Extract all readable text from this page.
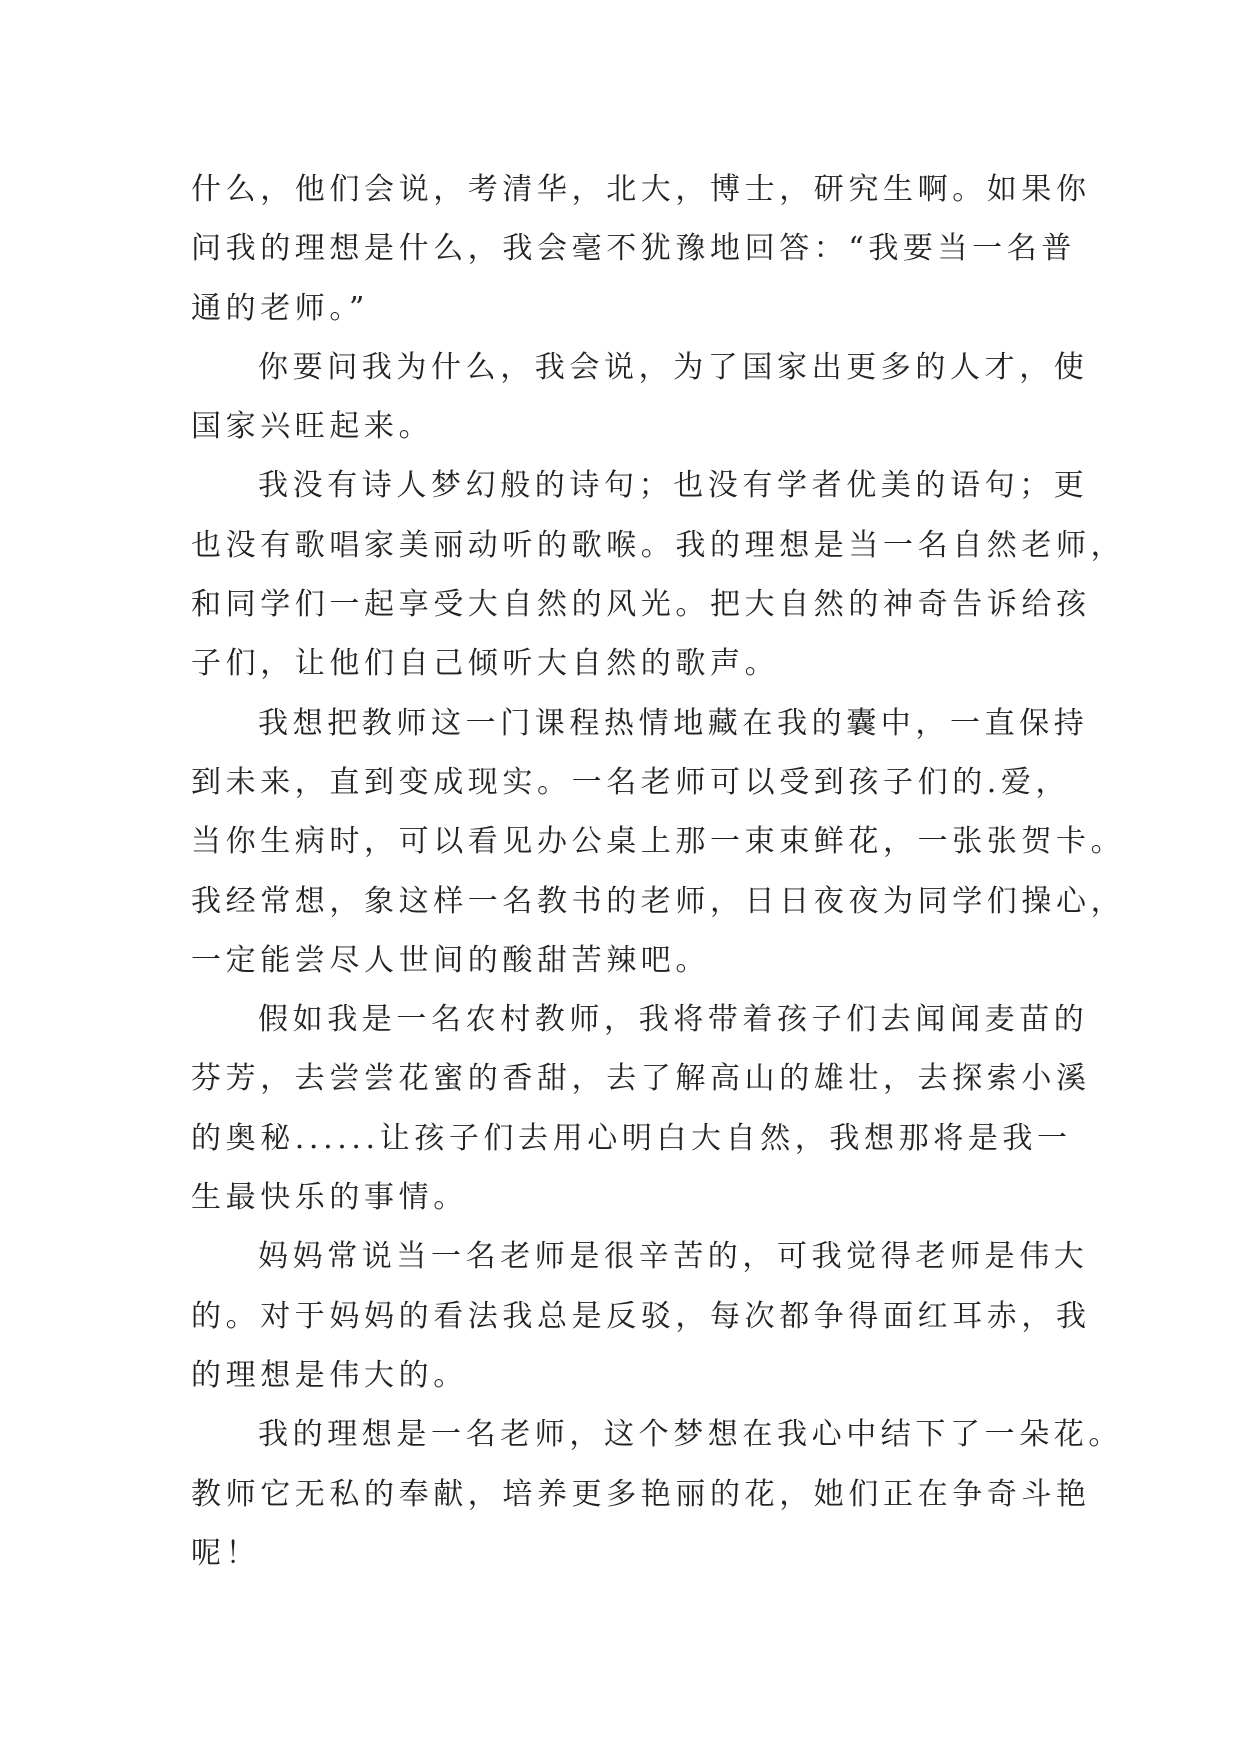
什么，他们会说，考清华，北大，博士，研究生啊。如果你
问我的理想是什么，我会毫不犹豫地回答：“我要当一名普
通的老师。”
你要问我为什么，我会说，为了国家出更多的人才，使
国家兴旺起来。
我没有诗人梦幻般的诗句；也没有学者优美的语句；更
也没有歌唱家美丽动听的歌喉。我的理想是当一名自然老师，
和同学们一起享受大自然的风光。把大自然的神奇告诉给孩
子们，让他们自己倾听大自然的歌声。
我想把教师这一门课程热情地藏在我的囊中，一直保持
到未来，直到变成现实。一名老师可以受到孩子们的.爱，
当你生病时，可以看见办公桌上那一束束鲜花，一张张贺卡。
我经常想，象这样一名教书的老师，日日夜夜为同学们操心，
一定能尝尽人世间的酸甜苦辣吧。
假如我是一名农村教师，我将带着孩子们去闻闻麦苗的
芬芳，去尝尝花蜜的香甜，去了解高山的雄壮，去探索小溪
的奥秘......让孩子们去用心明白大自然，我想那将是我一
生最快乐的事情。
妈妈常说当一名老师是很辛苦的，可我觉得老师是伟大
的。对于妈妈的看法我总是反驳，每次都争得面红耳赤，我
的理想是伟大的。
我的理想是一名老师，这个梦想在我心中结下了一朵花。
教师它无私的奉献，培养更多艳丽的花，她们正在争奇斗艳
呢！
